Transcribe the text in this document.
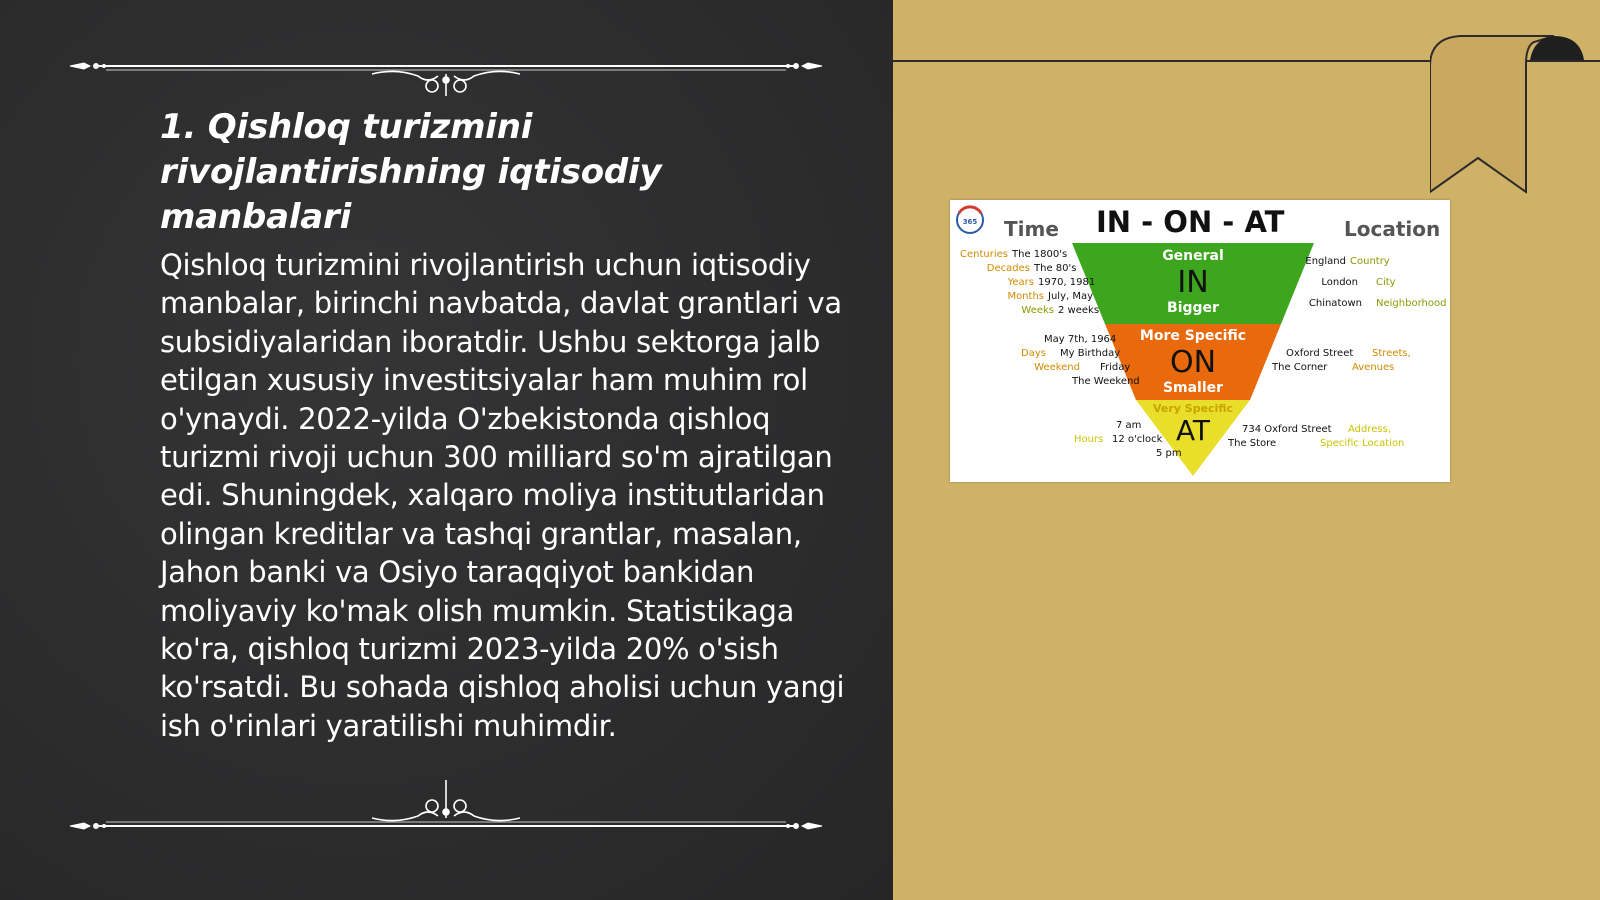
1. Qishloq turizmini rivojlantirishning iqtisodiy manbalari

Qishloq turizmini rivojlantirish uchun iqtisodiy manbalar, birinchi navbatda, davlat grantlari va subsidiyalaridan iboratdir. Ushbu sektorga jalb etilgan xususiy investitsiyalar ham muhim rol o'ynaydi. 2022-yilda O'zbekistonda qishloq turizmi rivoji uchun 300 milliard so'm ajratilgan edi. Shuningdek, xalqaro moliya institutlaridan olingan kreditlar va tashqi grantlar, masalan, Jahon banki va Osiyo taraqqiyot bankidan moliyaviy ko'mak olish mumkin. Statistikaga ko'ra, qishloq turizmi 2023-yilda 20% o'sish ko'rsatdi. Bu sohada qishloq aholisi uchun yangi ish o'rinlari yaratilishi muhimdir.

365 Time IN - ON - AT	Location
General
IN
Bigger
More Specific
ON
Smaller
Very Specific
AT
Centuries The 1800's
Decades The 80's
Years 1970, 1981
Months July, May
Weeks 2 weeks
England Country
London City
Chinatown Neighborhood
May 7th, 1964
Days My Birthday
Weekend Friday
The Weekend
Oxford Street Streets,
The Corner Avenues
7 am
12 o'clock
5 pm
Hours
734 Oxford Street
The Store
Address,
Specific Location
